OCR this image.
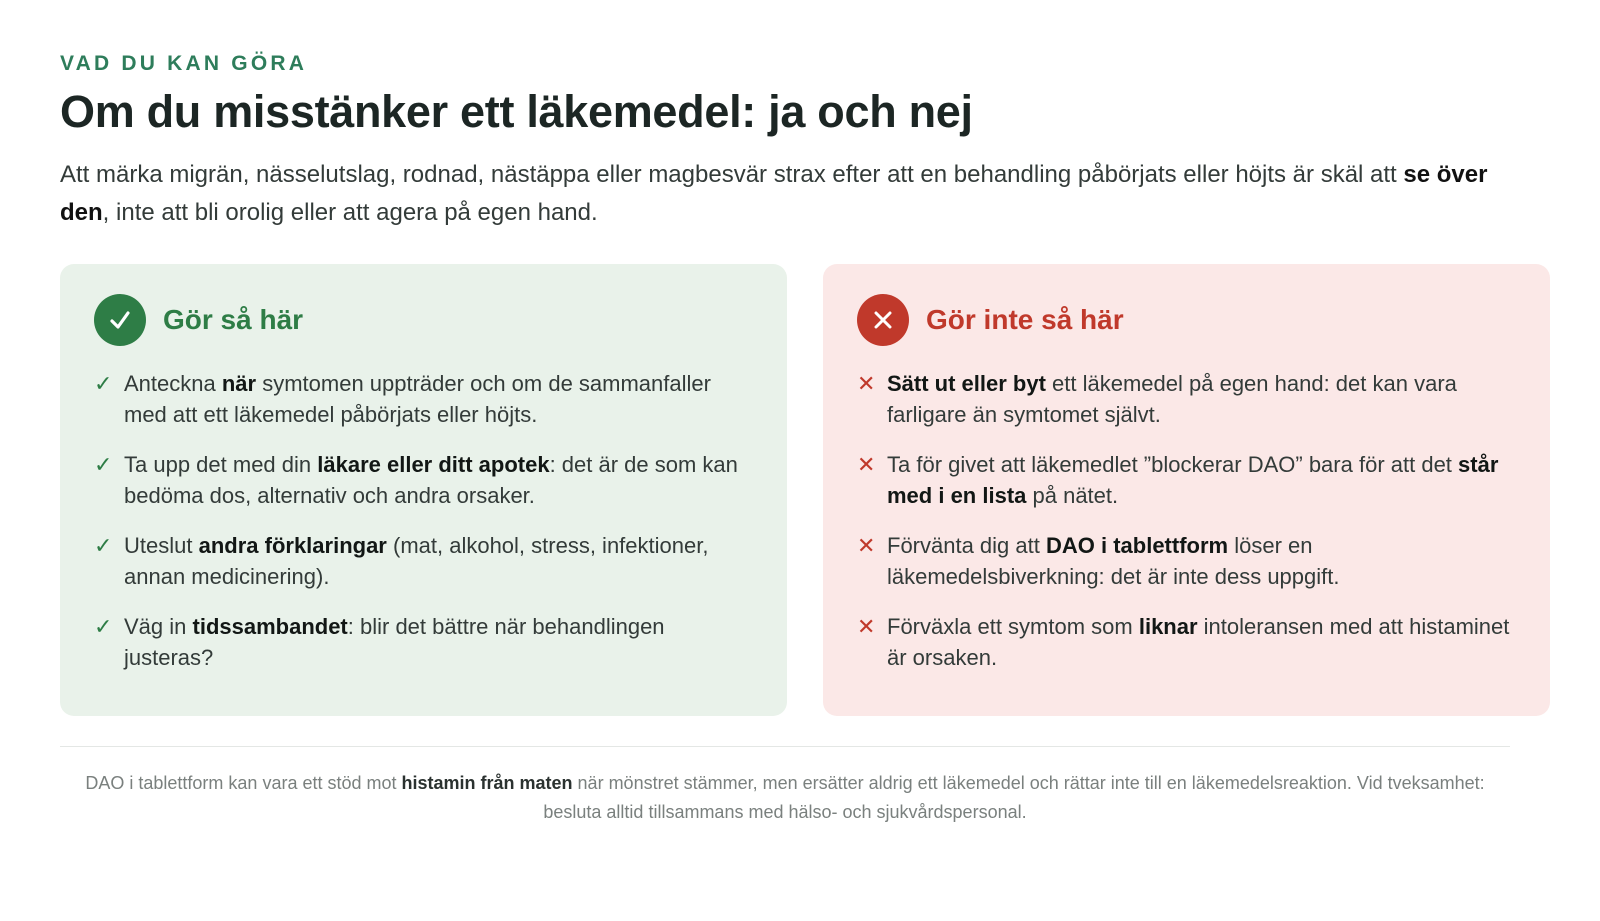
VAD DU KAN GÖRA
Om du misstänker ett läkemedel: ja och nej

Att märka migrän, nässelutslag, rodnad, nästäppa eller magbesvär strax efter att en behandling påbörjats eller höjts är skäl att se över den, inte att bli orolig eller att agera på egen hand.

Gör så här
✓ Anteckna när symtomen uppträder och om de sammanfaller med att ett läkemedel påbörjats eller höjts.
✓ Ta upp det med din läkare eller ditt apotek: det är de som kan bedöma dos, alternativ och andra orsaker.
✓ Uteslut andra förklaringar (mat, alkohol, stress, infektioner, annan medicinering).
✓ Väg in tidssambandet: blir det bättre när behandlingen justeras?
Gör inte så här
✕ Sätt ut eller byt ett läkemedel på egen hand: det kan vara farligare än symtomet självt.
✕ Ta för givet att läkemedlet ”blockerar DAO” bara för att det står med i en lista på nätet.
✕ Förvänta dig att DAO i tablettform löser en läkemedelsbiverkning: det är inte dess uppgift.
✕ Förväxla ett symtom som liknar intoleransen med att histaminet är orsaken.

DAO i tablettform kan vara ett stöd mot histamin från maten när mönstret stämmer, men ersätter aldrig ett läkemedel och rättar inte till en läkemedelsreaktion. Vid tveksamhet: besluta alltid tillsammans med hälso- och sjukvårdspersonal.
